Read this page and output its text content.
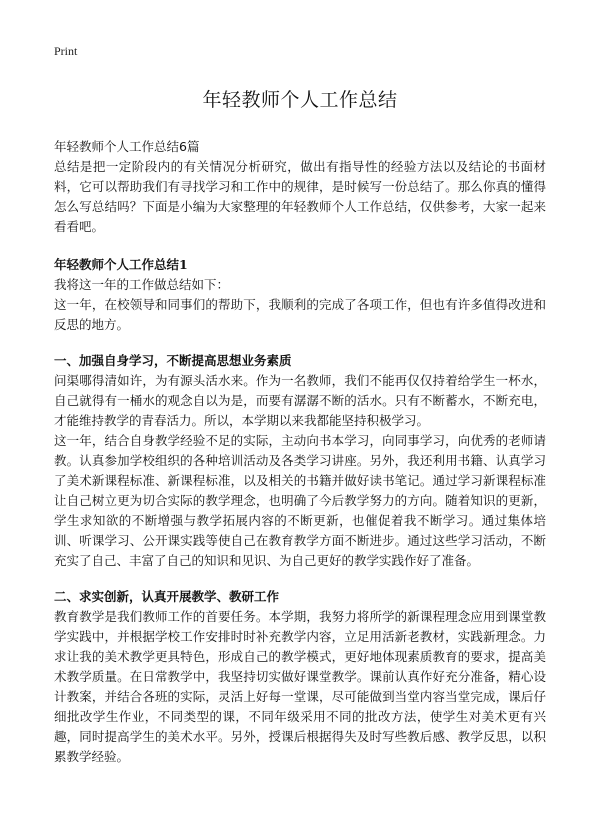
Print
年轻教师个人工作总结
年轻教师个人工作总结6篇

总结是把一定阶段内的有关情况分析研究，做出有指导性的经验方法以及结论的书面材料，它可以帮助我们有寻找学习和工作中的规律，是时候写一份总结了。那么你真的懂得怎么写总结吗？下面是小编为大家整理的年轻教师个人工作总结，仅供参考，大家一起来看看吧。

年轻教师个人工作总结1

我将这一年的工作做总结如下：

这一年，在校领导和同事们的帮助下，我顺利的完成了各项工作，但也有许多值得改进和反思的地方。

一、加强自身学习，不断提高思想业务素质

问渠哪得清如许，为有源头活水来。作为一名教师，我们不能再仅仅持着给学生一杯水，自己就得有一桶水的观念自以为是，而要有潺潺不断的活水。只有不断蓄水，不断充电，才能维持教学的青春活力。所以，本学期以来我都能坚持积极学习。

这一年，结合自身教学经验不足的实际，主动向书本学习，向同事学习，向优秀的老师请教。认真参加学校组织的各种培训活动及各类学习讲座。另外，我还利用书籍、认真学习了美术新课程标准、新课程标准，以及相关的书籍并做好读书笔记。通过学习新课程标准让自己树立更为切合实际的教学理念，也明确了今后教学努力的方向。随着知识的更新，学生求知欲的不断增强与教学拓展内容的不断更新，也催促着我不断学习。通过集体培训、听课学习、公开课实践等使自己在教育教学方面不断进步。通过这些学习活动，不断充实了自己、丰富了自己的知识和见识、为自己更好的教学实践作好了准备。

二、求实创新，认真开展教学、教研工作

教育教学是我们教师工作的首要任务。本学期，我努力将所学的新课程理念应用到课堂教学实践中，并根据学校工作安排时时补充教学内容，立足用活新老教材，实践新理念。力求让我的美术教学更具特色，形成自己的教学模式，更好地体现素质教育的要求，提高美术教学质量。在日常教学中，我坚持切实做好课堂教学。课前认真作好充分准备，精心设计教案，并结合各班的实际，灵活上好每一堂课，尽可能做到当堂内容当堂完成，课后仔细批改学生作业，不同类型的课，不同年级采用不同的批改方法，使学生对美术更有兴趣，同时提高学生的美术水平。另外，授课后根据得失及时写些教后感、教学反思，以积累教学经验。
